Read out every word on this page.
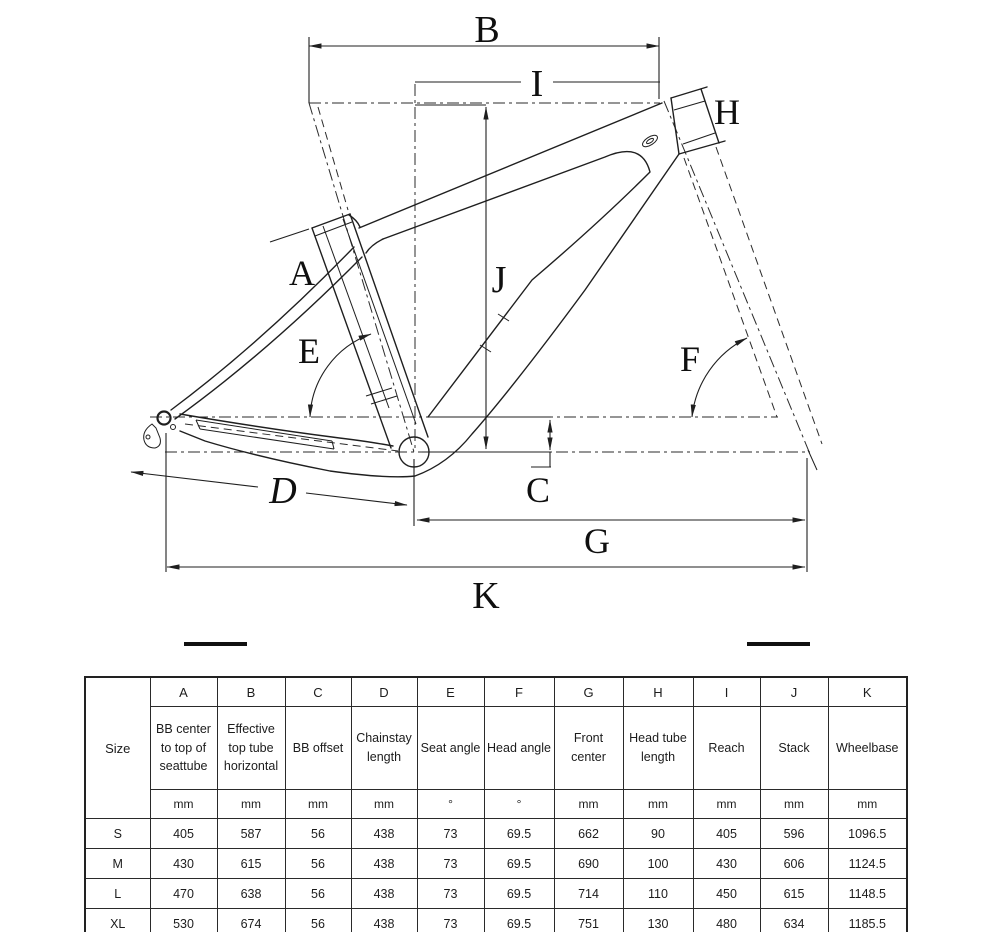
B
I
H
A	J
E	F
D	C
G
K
Size	A	B	C	D	E	F	G	H	I	J	K
	BB center to top of seattube	Effective top tube horizontal	BB offset	Chainstay length	Seat angle	Head angle	Front center	Head tube length	Reach	Stack	Wheelbase
	mm	mm	mm	mm	°	°	mm	mm	mm	mm	mm
S	405	587	56	438	73	69.5	662	90	405	596	1096.5
M	430	615	56	438	73	69.5	690	100	430	606	1124.5
L	470	638	56	438	73	69.5	714	110	450	615	1148.5
XL	530	674	56	438	73	69.5	751	130	480	634	1185.5
